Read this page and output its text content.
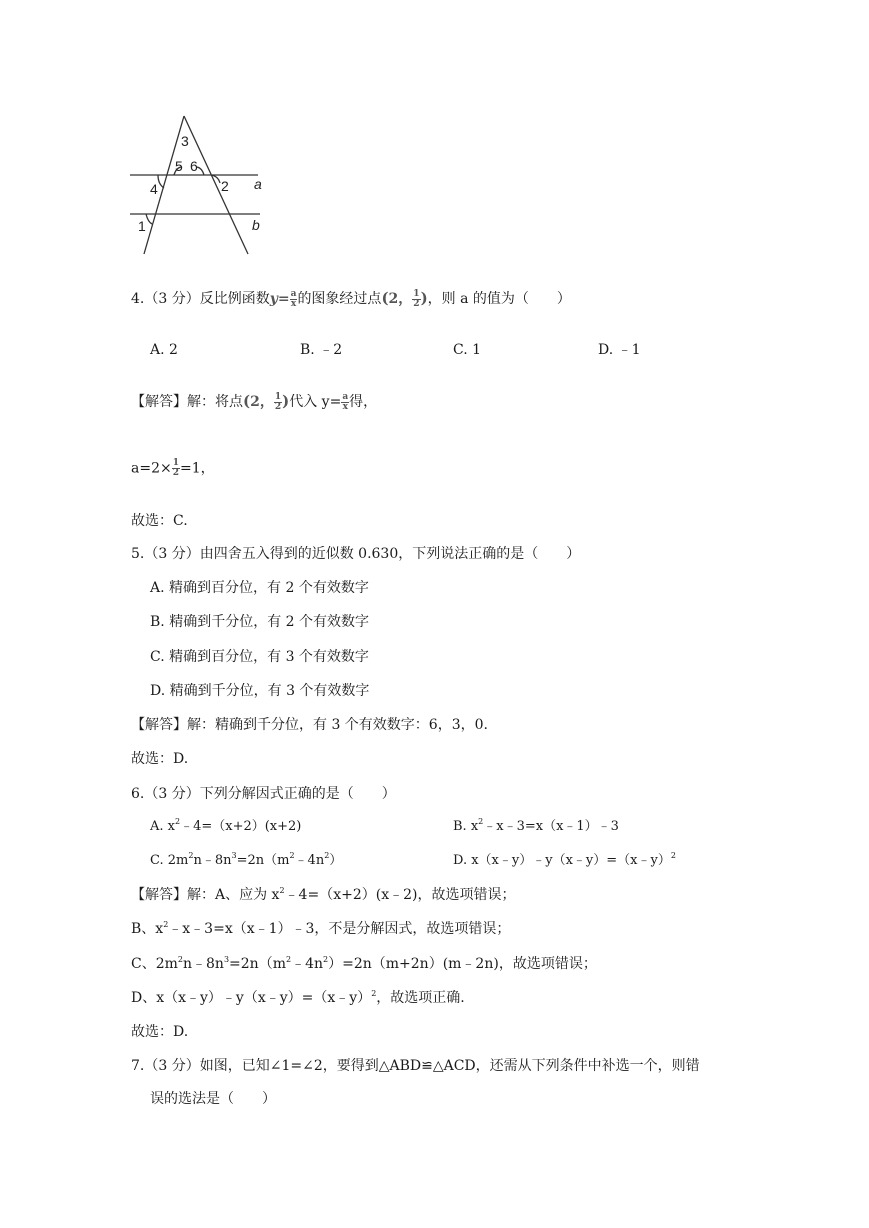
3
5 6
4	2
1
a
b
4.（3 分）反比例函数$y= \frac{a}{x}$ 的图象经过点(2， $\frac{1}{2}$ )，则 a 的值为（　　）
A. 2	B. ﹣2	C. 1	D. ﹣1
【解答】解：将点(2， $\frac{1}{2}$ )代入 $y= \frac{a}{x}$ 得，
$a=2\times \frac{1}{2} =1$，
故选：C.
5.（3 分）由四舍五入得到的近似数 0.630，下列说法正确的是（　　）
A. 精确到百分位，有 2 个有效数字
B. 精确到千分位，有 2 个有效数字
C. 精确到百分位，有 3 个有效数字
D. 精确到千分位，有 3 个有效数字
【解答】解：精确到千分位，有 3 个有效数字：6，3，0.
故选：D.
6.（3 分）下列分解因式正确的是（　　）
A. $x^2﹣4=(x+2)(x+2)$	B. $x^2﹣x﹣3=x(x﹣1)﹣3$
C. $2m^2n﹣8n^3=2n(m^2﹣4n^2)$	D. x（x﹣y）﹣y（x﹣y）=（x﹣y）$^2$
【解答】解：A、应为 $x^2﹣4=(x+2)(x﹣2)$，故选项错误；
B、$x^2﹣x﹣3=x(x﹣1)﹣3$，不是分解因式，故选项错误；
C、$2m^2n﹣8n^3=2n(m^2﹣4n^2)=2n(m+2n)(m﹣2n)$，故选项错误；
D、x（x﹣y）﹣y（x﹣y）=（x﹣y）$^2$，故选项正确.
故选：D.
7.（3 分）如图，已知∠1=∠2，要得到△ABD≌△ACD，还需从下列条件中补选一个，则错
误的选法是（　　）
